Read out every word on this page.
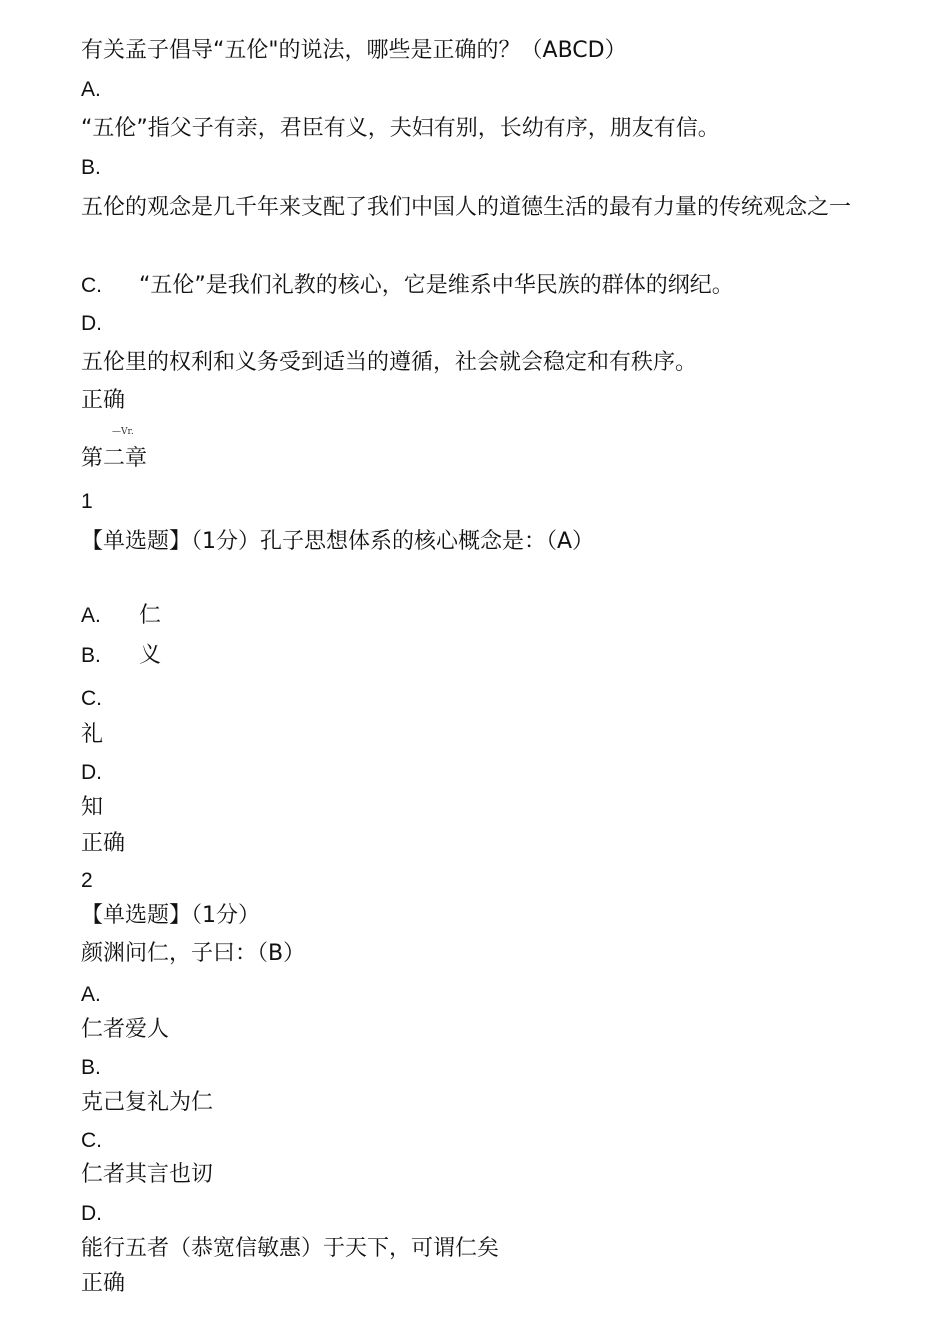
有关孟子倡导“五伦"的说法，哪些是正确的？（ABCD）
A.
“五伦”指父子有亲，君臣有义，夫妇有别，长幼有序，朋友有信。
B.
五伦的观念是几千年来支配了我们中国人的道德生活的最有力量的传统观念之一
C. “五伦”是我们礼教的核心，它是维系中华民族的群体的纲纪。
D.
五伦里的权利和义务受到适当的遵循，社会就会稳定和有秩序。
正确
—Vr.
第二章
1
【单选题】（1分）孔子思想体系的核心概念是：（A）
A. 仁
B. 义
C.
礼
D.
知
正确
2
【单选题】（1分）
颜渊问仁，子曰：（B）
A.
仁者爱人
B.
克己复礼为仁
C.
仁者其言也讱
D.
能行五者（恭宽信敏惠）于天下，可谓仁矣
正确
